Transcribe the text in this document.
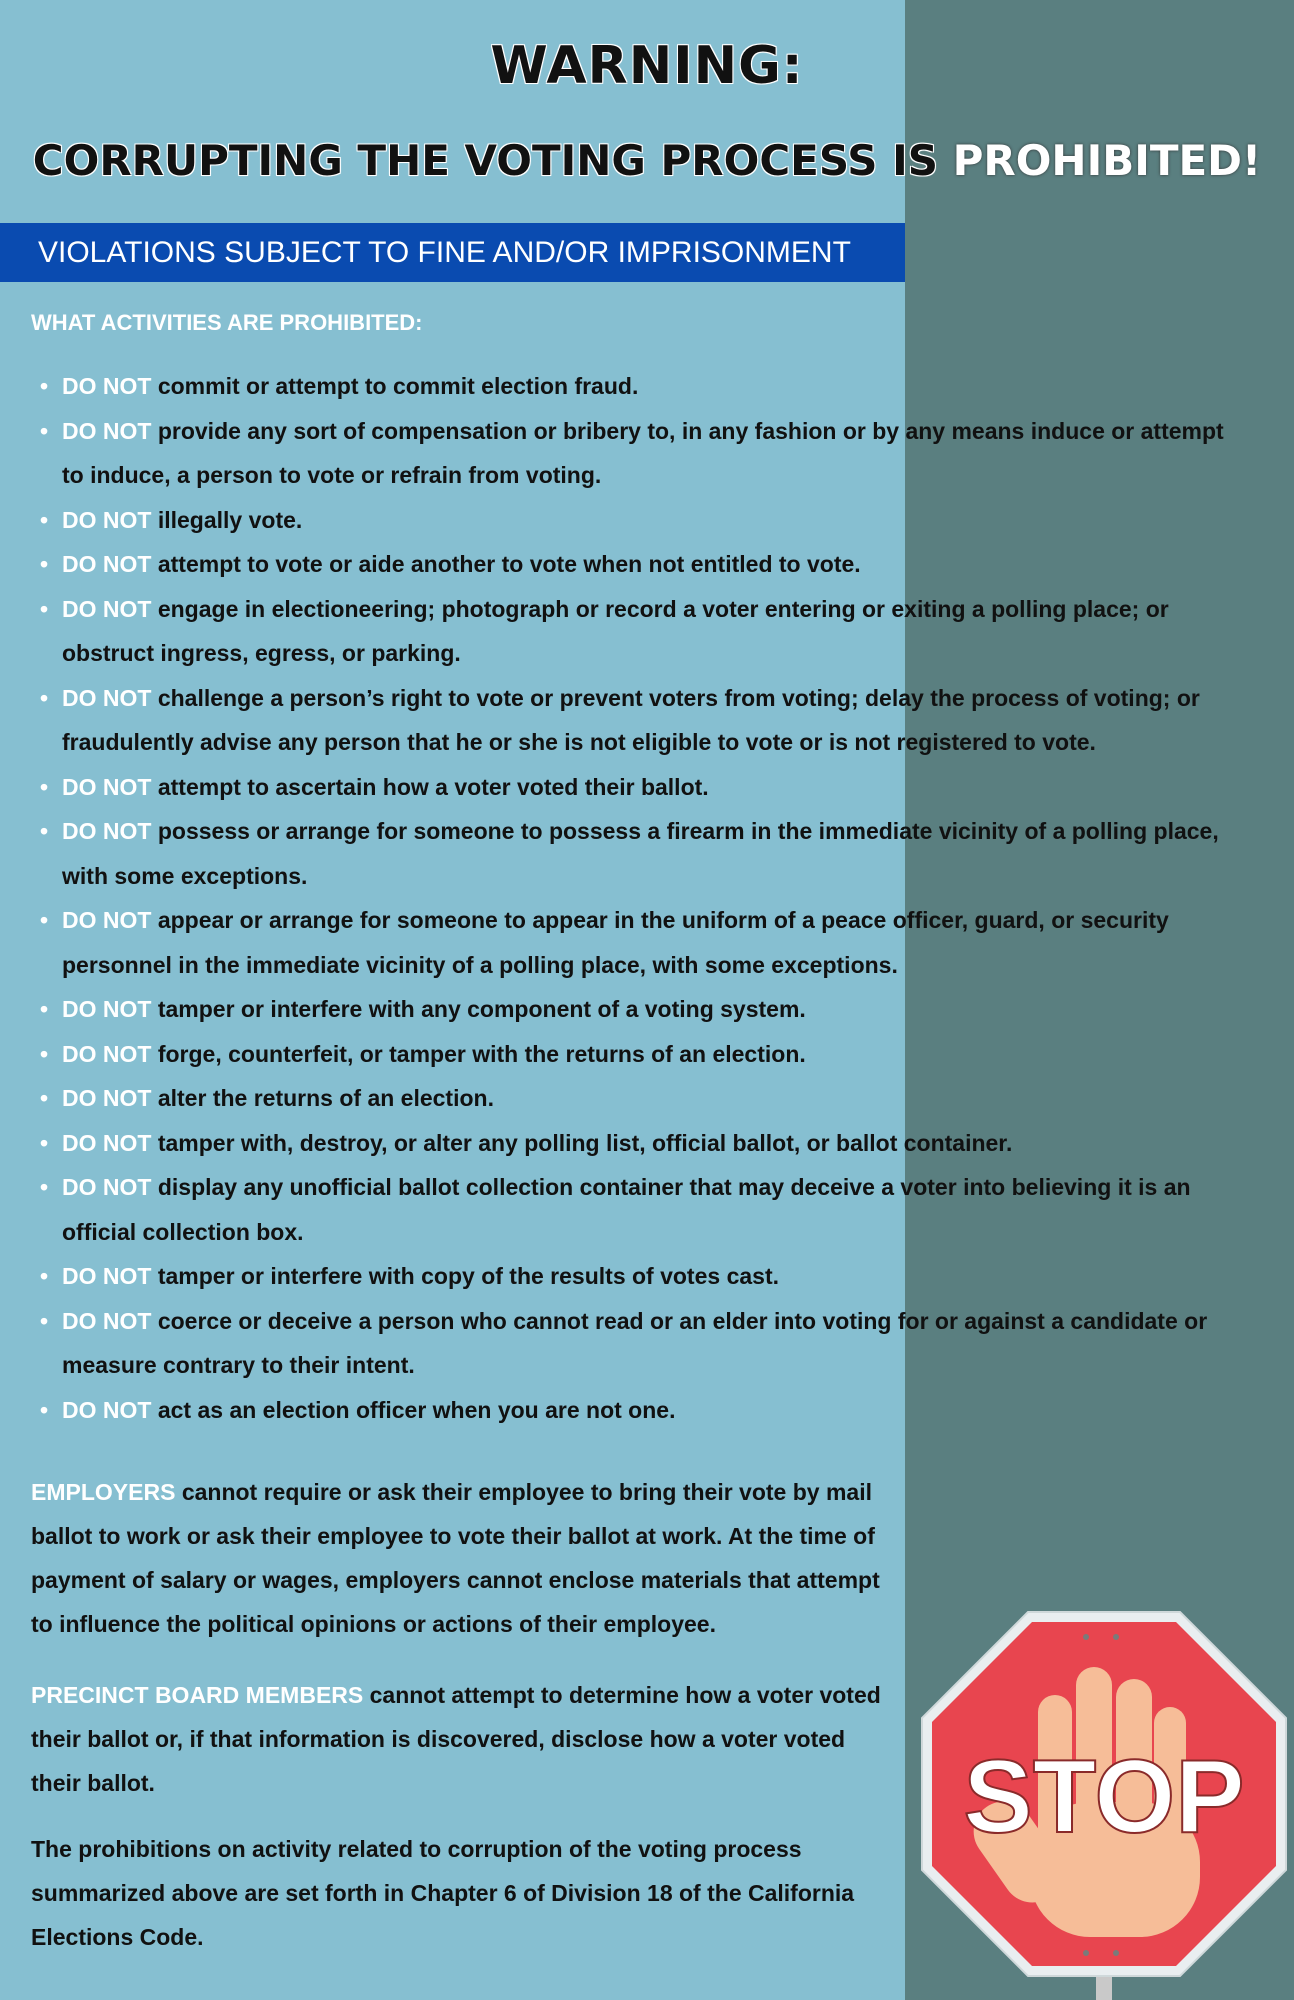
WARNING:
CORRUPTING THE VOTING PROCESS IS PROHIBITED!
VIOLATIONS SUBJECT TO FINE AND/OR IMPRISONMENT
WHAT ACTIVITIES ARE PROHIBITED:
• DO NOT commit or attempt to commit election fraud.
• DO NOT provide any sort of compensation or bribery to, in any fashion or by any means induce or attempt to induce, a person to vote or refrain from voting.
• DO NOT illegally vote.
• DO NOT attempt to vote or aide another to vote when not entitled to vote.
• DO NOT engage in electioneering; photograph or record a voter entering or exiting a polling place; or obstruct ingress, egress, or parking.
• DO NOT challenge a person’s right to vote or prevent voters from voting; delay the process of voting; or fraudulently advise any person that he or she is not eligible to vote or is not registered to vote.
• DO NOT attempt to ascertain how a voter voted their ballot.
• DO NOT possess or arrange for someone to possess a firearm in the immediate vicinity of a polling place, with some exceptions.
• DO NOT appear or arrange for someone to appear in the uniform of a peace officer, guard, or security personnel in the immediate vicinity of a polling place, with some exceptions.
• DO NOT tamper or interfere with any component of a voting system.
• DO NOT forge, counterfeit, or tamper with the returns of an election.
• DO NOT alter the returns of an election.
• DO NOT tamper with, destroy, or alter any polling list, official ballot, or ballot container.
• DO NOT display any unofficial ballot collection container that may deceive a voter into believing it is an official collection box.
• DO NOT tamper or interfere with copy of the results of votes cast.
• DO NOT coerce or deceive a person who cannot read or an elder into voting for or against a candidate or measure contrary to their intent.
• DO NOT act as an election officer when you are not one.
EMPLOYERS cannot require or ask their employee to bring their vote by mail ballot to work or ask their employee to vote their ballot at work. At the time of payment of salary or wages, employers cannot enclose materials that attempt to influence the political opinions or actions of their employee.
PRECINCT BOARD MEMBERS cannot attempt to determine how a voter voted their ballot or, if that information is discovered, disclose how a voter voted their ballot.
The prohibitions on activity related to corruption of the voting process summarized above are set forth in Chapter 6 of Division 18 of the California Elections Code.
STOP
